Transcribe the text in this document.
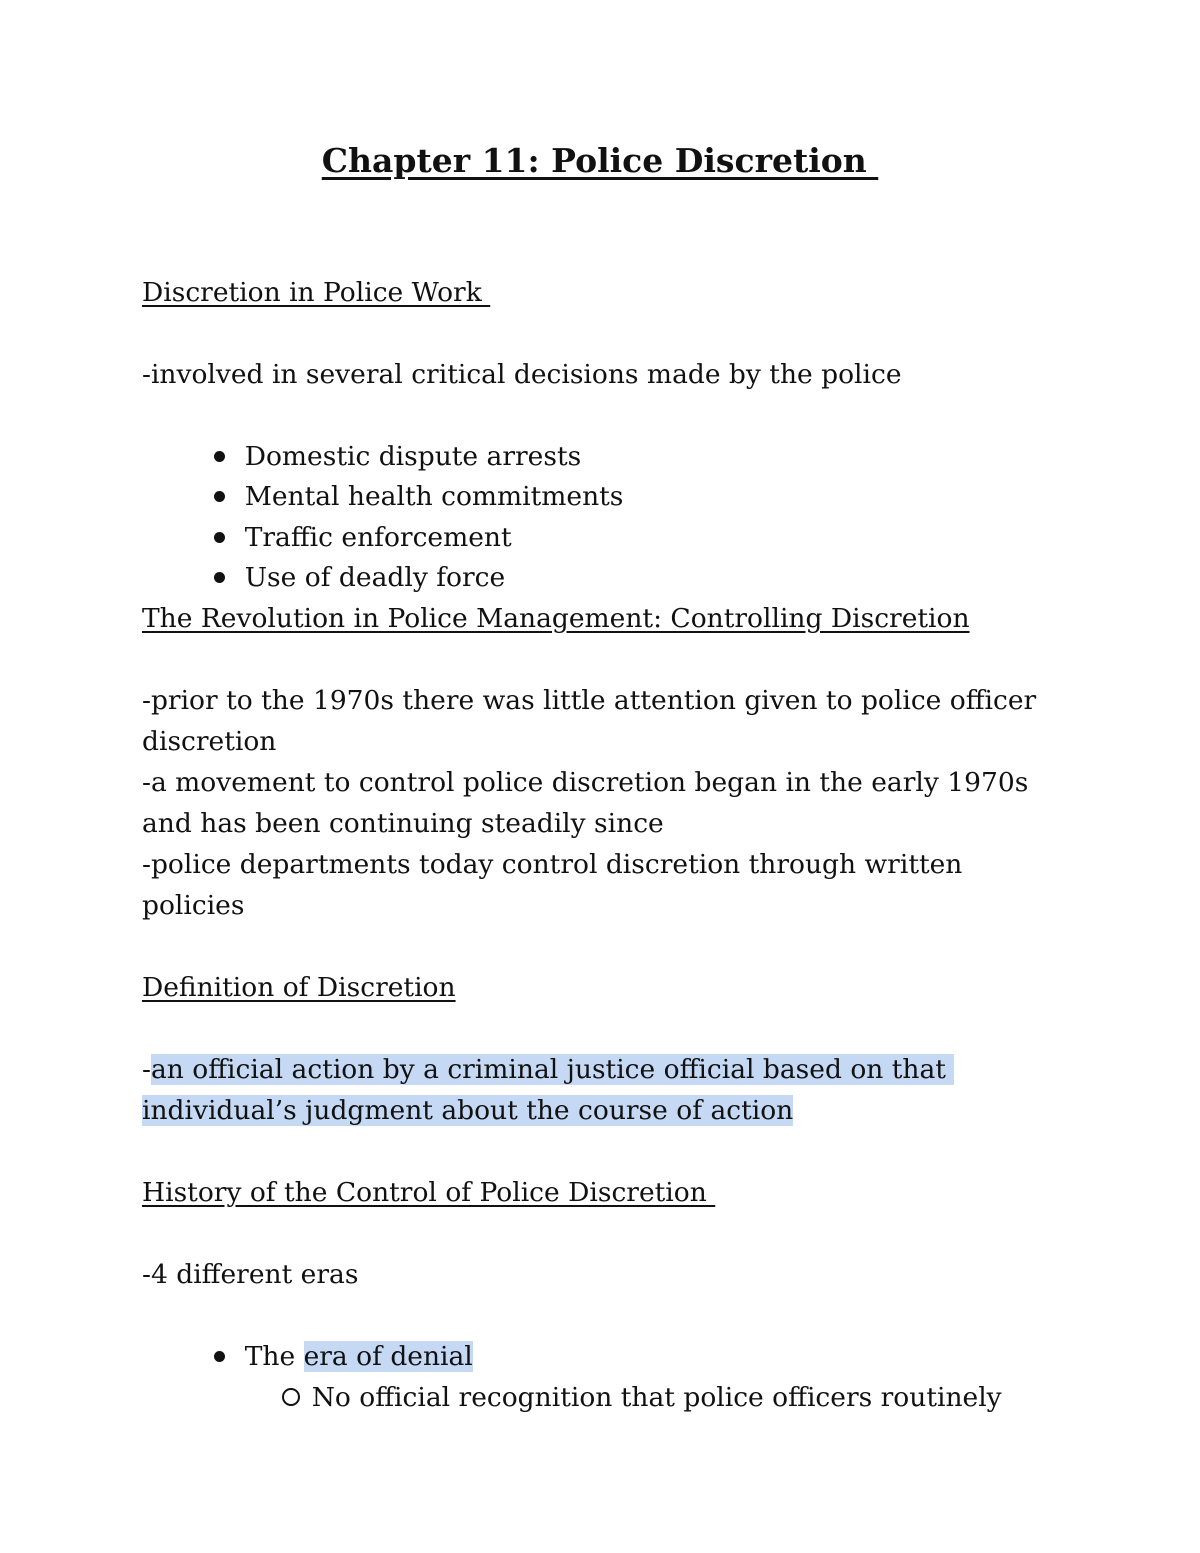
Chapter 11: Police Discretion
Discretion in Police Work
-involved in several critical decisions made by the police

Domestic dispute arrests

Mental health commitments

Traffic enforcement

Use of deadly force

The Revolution in Police Management: Controlling Discretion
-prior to the 1970s there was little attention given to police officer
discretion
-a movement to control police discretion began in the early 1970s
and has been continuing steadily since
-police departments today control discretion through written
policies
Definition of Discretion
-an official action by a criminal justice official based on that
individual’s judgment about the course of action
History of the Control of Police Discretion
-4 different eras

The era of denial

No official recognition that police officers routinely
